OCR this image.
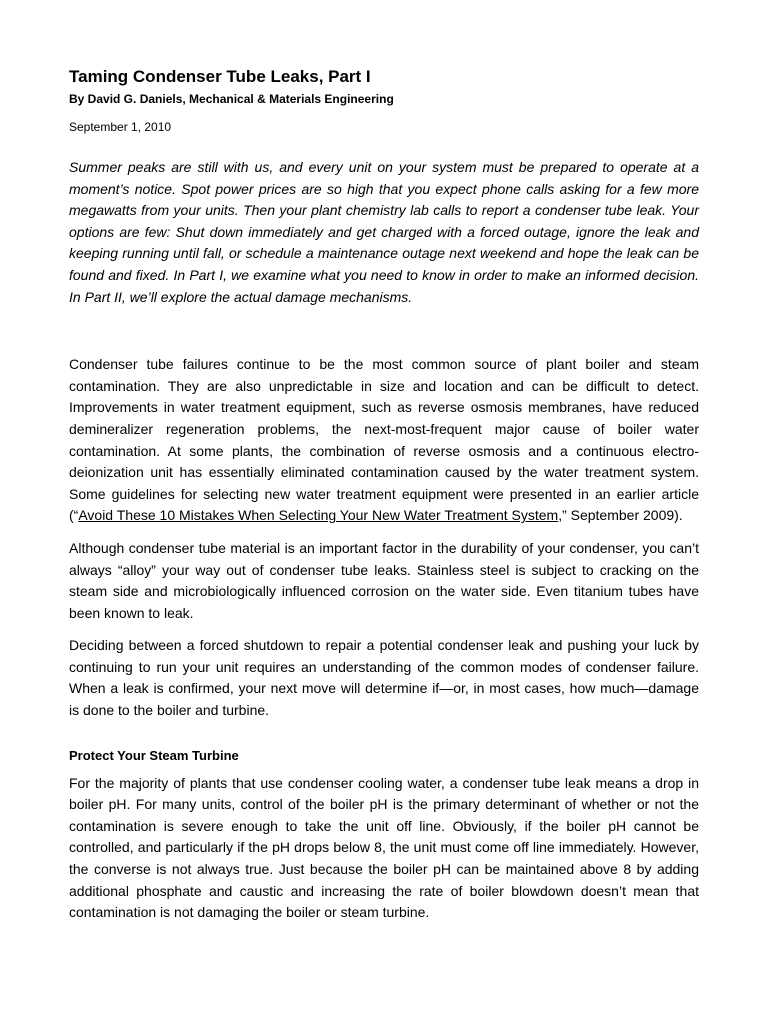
Taming Condenser Tube Leaks, Part I

By David G. Daniels, Mechanical & Materials Engineering

September 1, 2010

Summer peaks are still with us, and every unit on your system must be prepared to operate at a moment’s notice. Spot power prices are so high that you expect phone calls asking for a few more megawatts from your units. Then your plant chemistry lab calls to report a condenser tube leak. Your options are few: Shut down immediately and get charged with a forced outage, ignore the leak and keeping running until fall, or schedule a maintenance outage next weekend and hope the leak can be found and fixed. In Part I, we examine what you need to know in order to make an informed decision. In Part II, we’ll explore the actual damage mechanisms.

Condenser tube failures continue to be the most common source of plant boiler and steam contamination. They are also unpredictable in size and location and can be difficult to detect. Improvements in water treatment equipment, such as reverse osmosis membranes, have reduced demineralizer regeneration problems, the next-most-frequent major cause of boiler water contamination. At some plants, the combination of reverse osmosis and a continuous electro-deionization unit has essentially eliminated contamination caused by the water treatment system. Some guidelines for selecting new water treatment equipment were presented in an earlier article (“Avoid These 10 Mistakes When Selecting Your New Water Treatment System,” September 2009).

Although condenser tube material is an important factor in the durability of your condenser, you can’t always “alloy” your way out of condenser tube leaks. Stainless steel is subject to cracking on the steam side and microbiologically influenced corrosion on the water side. Even titanium tubes have been known to leak.

Deciding between a forced shutdown to repair a potential condenser leak and pushing your luck by continuing to run your unit requires an understanding of the common modes of condenser failure. When a leak is confirmed, your next move will determine if—or, in most cases, how much—damage is done to the boiler and turbine.

Protect Your Steam Turbine

For the majority of plants that use condenser cooling water, a condenser tube leak means a drop in boiler pH. For many units, control of the boiler pH is the primary determinant of whether or not the contamination is severe enough to take the unit off line. Obviously, if the boiler pH cannot be controlled, and particularly if the pH drops below 8, the unit must come off line immediately. However, the converse is not always true. Just because the boiler pH can be maintained above 8 by adding additional phosphate and caustic and increasing the rate of boiler blowdown doesn’t mean that contamination is not damaging the boiler or steam turbine.
